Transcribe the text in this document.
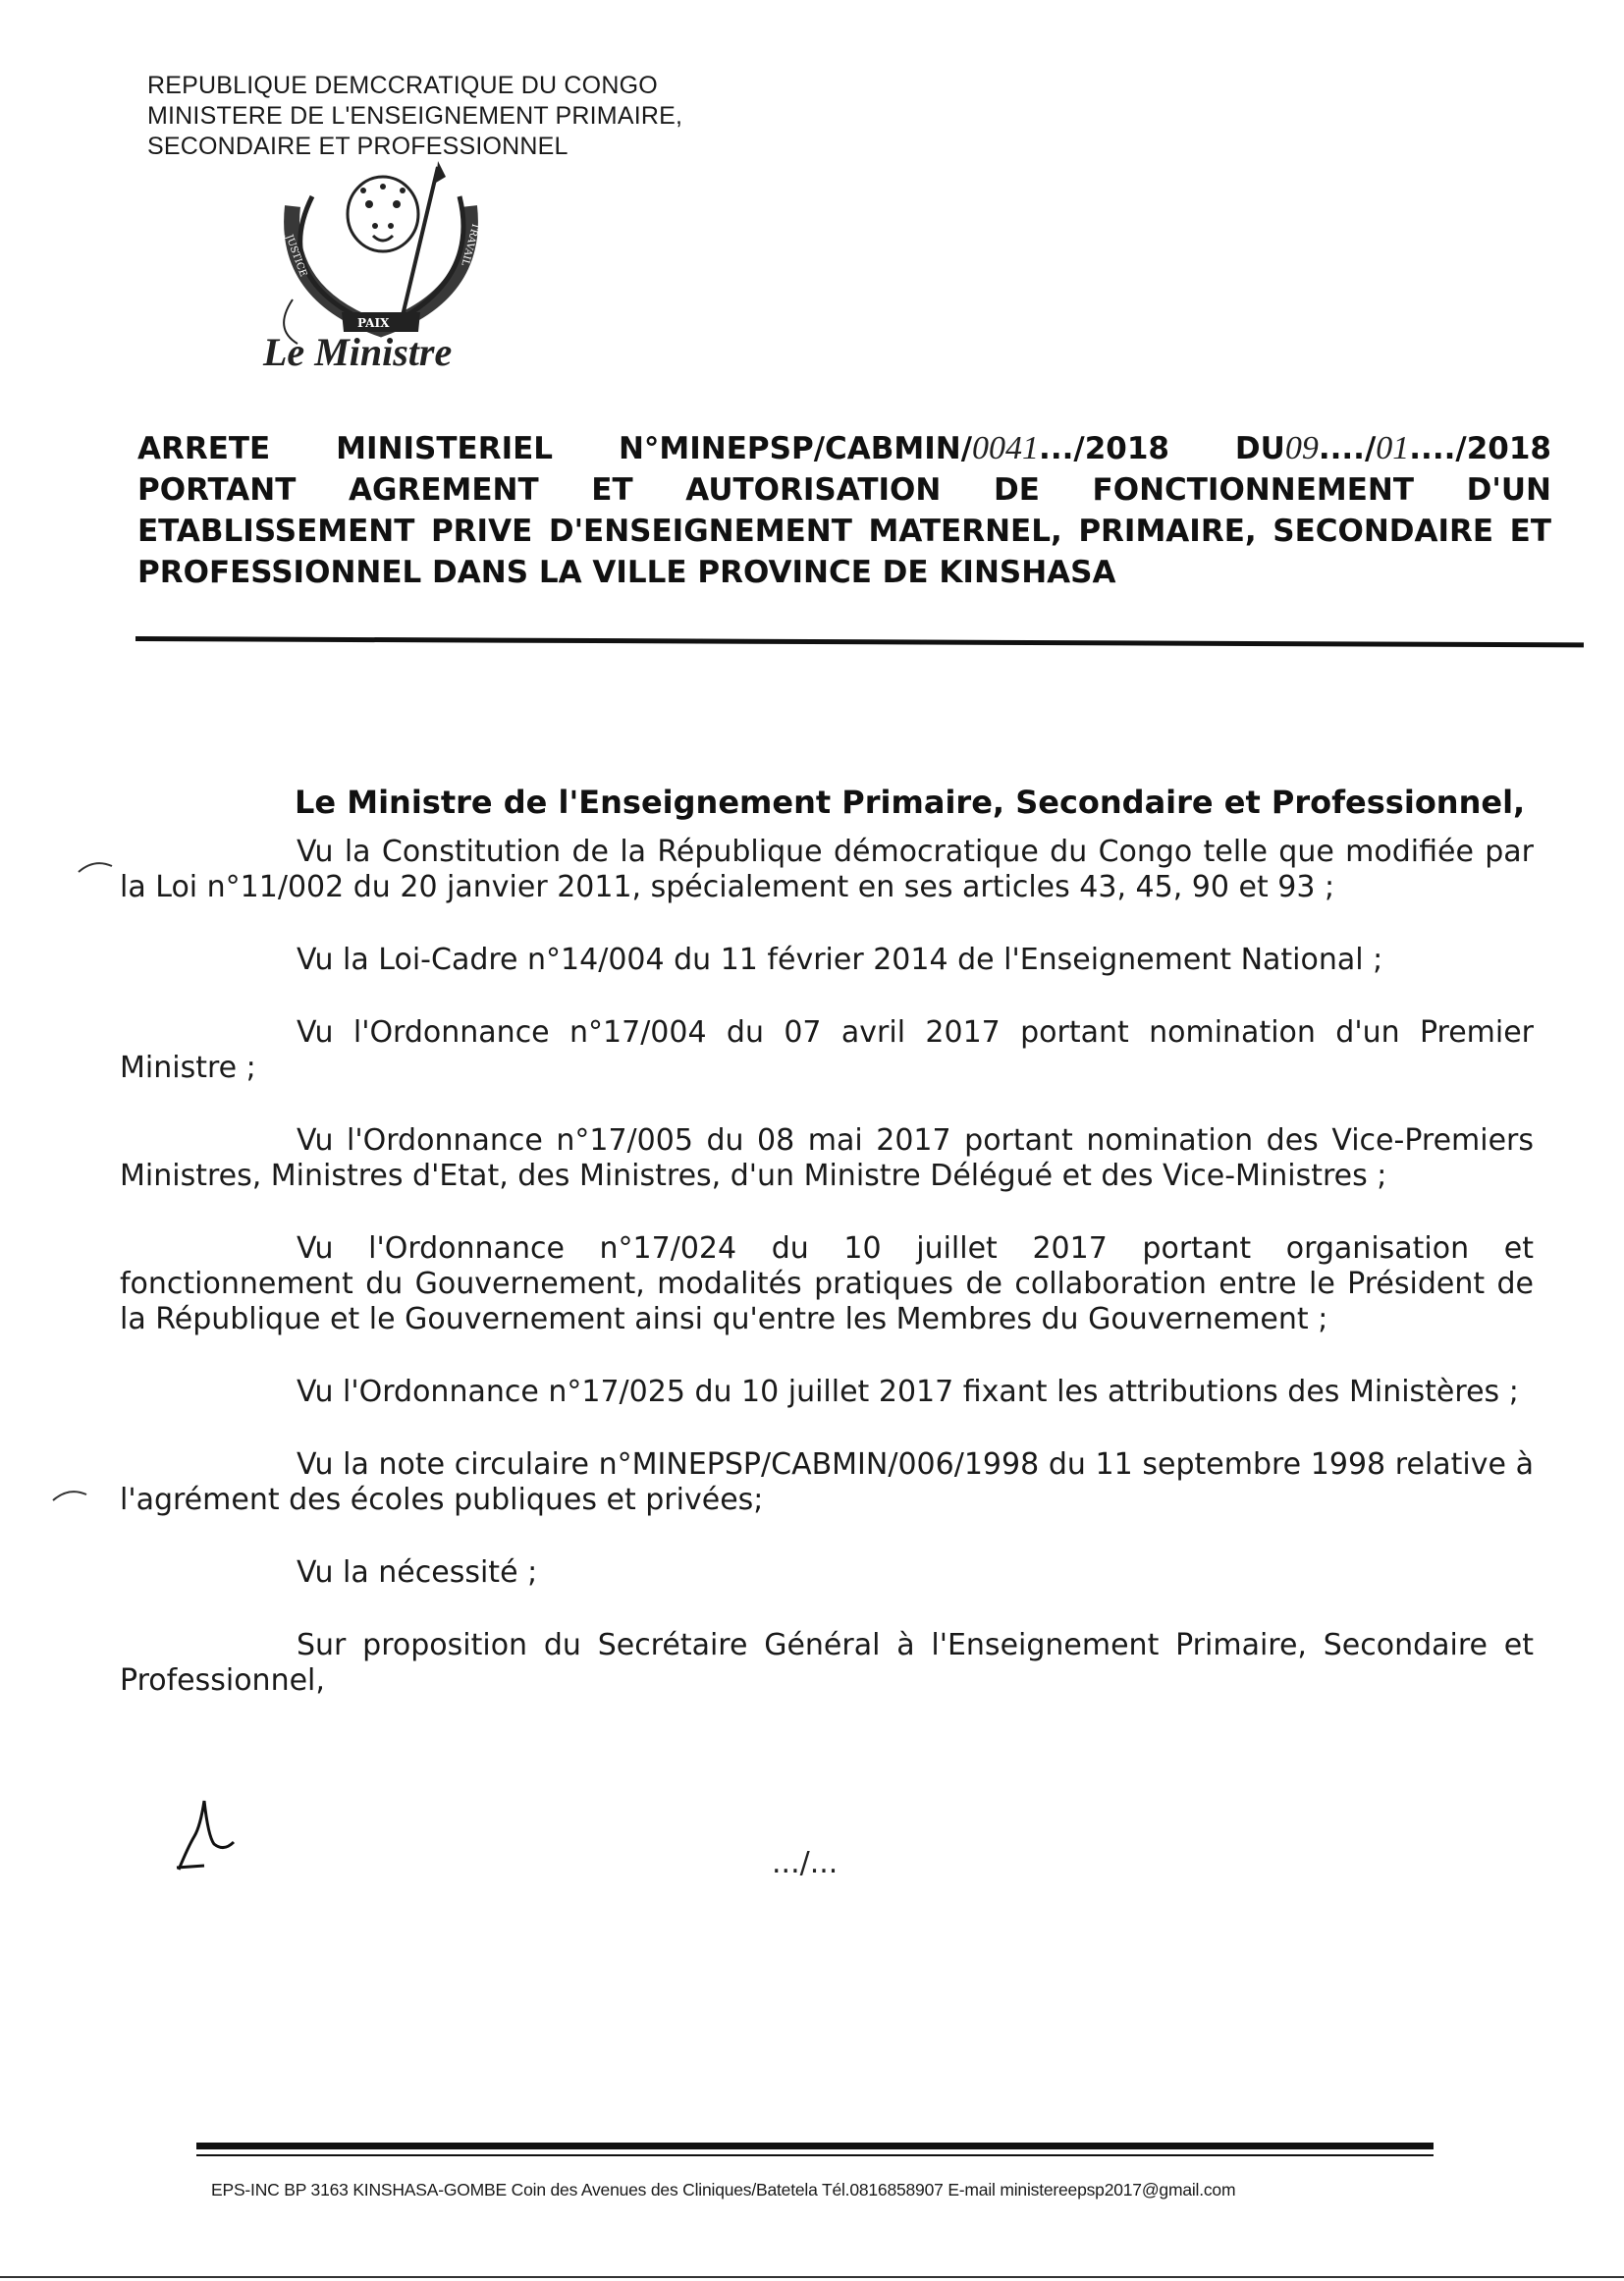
REPUBLIQUE DEMCCRATIQUE DU CONGO
MINISTERE DE L'ENSEIGNEMENT PRIMAIRE,
SECONDAIRE ET PROFESSIONNEL
JUSTICE
PAIX
TRAVAIL
Le Ministre
ARRETE MINISTERIEL N°MINEPSP/CABMIN/0041.../2018 DU09..../01..../2018
PORTANT AGREMENT ET AUTORISATION DE FONCTIONNEMENT D'UN
ETABLISSEMENT PRIVE D'ENSEIGNEMENT MATERNEL, PRIMAIRE, SECONDAIRE ET
PROFESSIONNEL DANS LA VILLE PROVINCE DE KINSHASA
Le Ministre de l'Enseignement Primaire, Secondaire et Professionnel,

Vu la Constitution de la République démocratique du Congo telle que modifiée par la Loi n°11/002 du 20 janvier 2011, spécialement en ses articles 43, 45, 90 et 93 ;

Vu la Loi-Cadre n°14/004 du 11 février 2014 de l'Enseignement National ;

Vu l'Ordonnance n°17/004 du 07 avril 2017 portant nomination d'un Premier Ministre ;

Vu l'Ordonnance n°17/005 du 08 mai 2017 portant nomination des Vice-Premiers Ministres, Ministres d'Etat, des Ministres, d'un Ministre Délégué et des Vice-Ministres ;

Vu l'Ordonnance n°17/024 du 10 juillet 2017 portant organisation et fonctionnement du Gouvernement, modalités pratiques de collaboration entre le Président de la République et le Gouvernement ainsi qu'entre les Membres du Gouvernement ;

Vu l'Ordonnance n°17/025 du 10 juillet 2017 fixant les attributions des Ministères ;

Vu la note circulaire n°MINEPSP/CABMIN/006/1998 du 11 septembre 1998 relative à l'agrément des écoles publiques et privées;

Vu la nécessité ;

Sur proposition du Secrétaire Général à l'Enseignement Primaire, Secondaire et Professionnel,

.../...
EPS-INC BP 3163 KINSHASA-GOMBE Coin des Avenues des Cliniques/Batetela Tél.0816858907 E-mail ministereepsp2017@gmail.com
